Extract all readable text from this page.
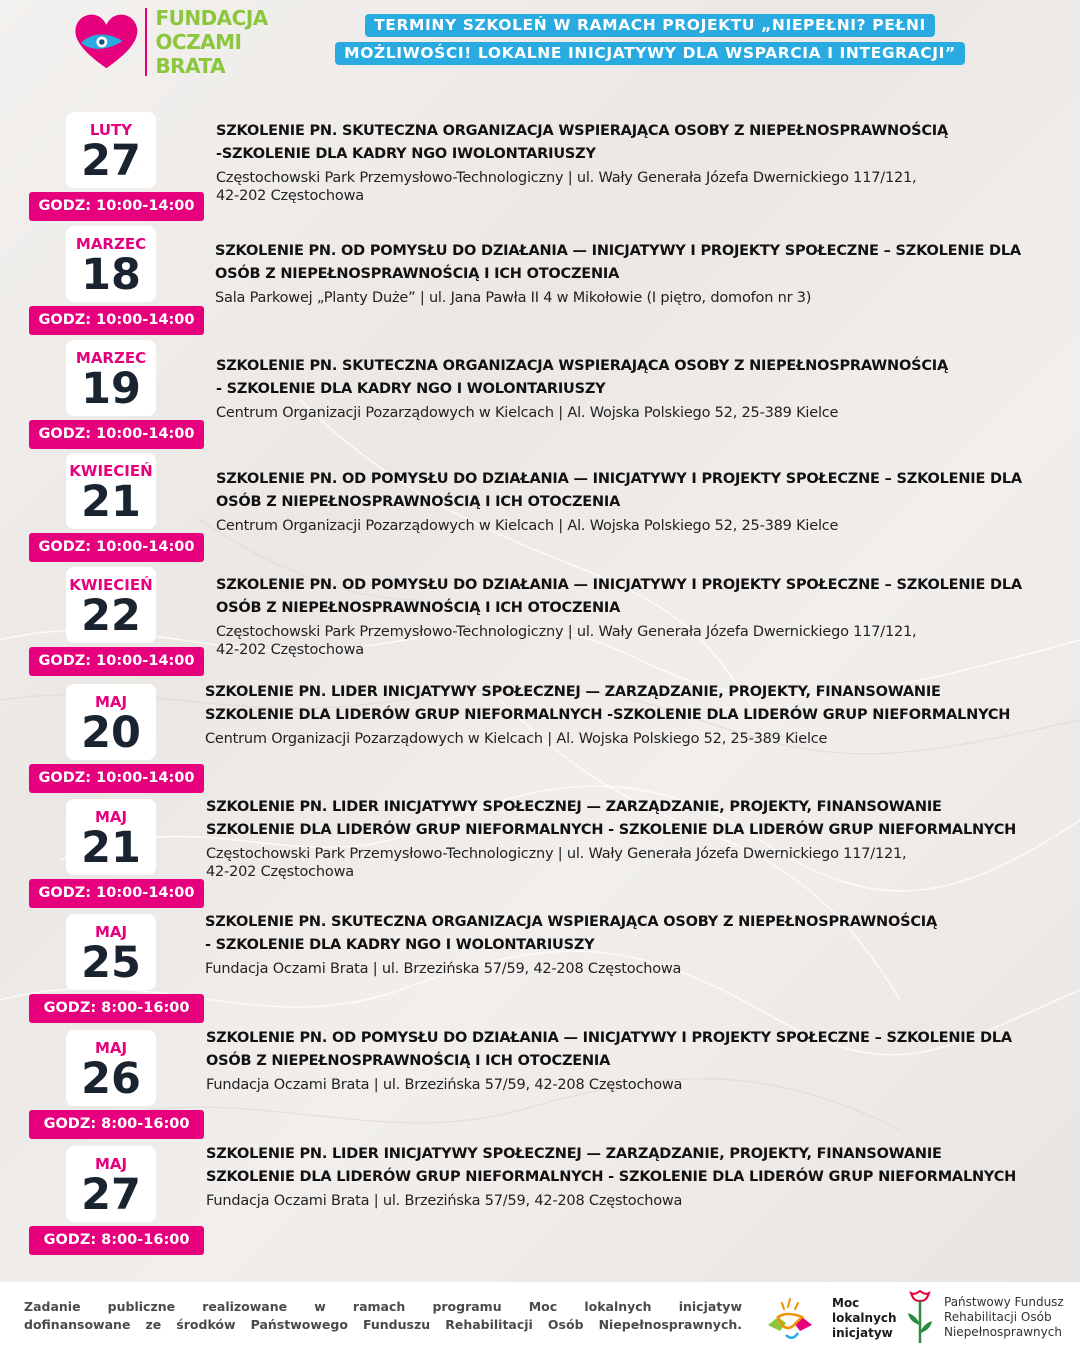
FUNDACJA
OCZAMI BRATA
TERMINY SZKOLEŃ W RAMACH PROJEKTU „NIEPEŁNI? PEŁNI
MOŻLIWOŚCI! LOKALNE INICJATYWY DLA WSPARCIA I INTEGRACJI”
LUTY
27
GODZ: 10:00-14:00
SZKOLENIE PN. SKUTECZNA ORGANIZACJA WSPIERAJĄCA OSOBY Z NIEPEŁNOSPRAWNOŚCIĄ
-SZKOLENIE DLA KADRY NGO IWOLONTARIUSZY
Częstochowski Park Przemysłowo-Technologiczny | ul. Wały Generała Józefa Dwernickiego 117/121,
42-202 Częstochowa
MARZEC
18
GODZ: 10:00-14:00
SZKOLENIE PN. OD POMYSŁU DO DZIAŁANIA — INICJATYWY I PROJEKTY SPOŁECZNE – SZKOLENIE DLA
OSÓB Z NIEPEŁNOSPRAWNOŚCIĄ I ICH OTOCZENIA
Sala Parkowej „Planty Duże” | ul. Jana Pawła II 4 w Mikołowie (I piętro, domofon nr 3)
MARZEC
19
GODZ: 10:00-14:00
SZKOLENIE PN. SKUTECZNA ORGANIZACJA WSPIERAJĄCA OSOBY Z NIEPEŁNOSPRAWNOŚCIĄ
- SZKOLENIE DLA KADRY NGO I WOLONTARIUSZY
Centrum Organizacji Pozarządowych w Kielcach | Al. Wojska Polskiego 52, 25-389 Kielce
KWIECIEŃ
21
GODZ: 10:00-14:00
SZKOLENIE PN. OD POMYSŁU DO DZIAŁANIA — INICJATYWY I PROJEKTY SPOŁECZNE – SZKOLENIE DLA
OSÓB Z NIEPEŁNOSPRAWNOŚCIĄ I ICH OTOCZENIA
Centrum Organizacji Pozarządowych w Kielcach | Al. Wojska Polskiego 52, 25-389 Kielce
KWIECIEŃ
22
GODZ: 10:00-14:00
SZKOLENIE PN. OD POMYSŁU DO DZIAŁANIA — INICJATYWY I PROJEKTY SPOŁECZNE – SZKOLENIE DLA
OSÓB Z NIEPEŁNOSPRAWNOŚCIĄ I ICH OTOCZENIA
Częstochowski Park Przemysłowo-Technologiczny | ul. Wały Generała Józefa Dwernickiego 117/121,
42-202 Częstochowa
MAJ
20
GODZ: 10:00-14:00
SZKOLENIE PN. LIDER INICJATYWY SPOŁECZNEJ — ZARZĄDZANIE, PROJEKTY, FINANSOWANIE
SZKOLENIE DLA LIDERÓW GRUP NIEFORMALNYCH -SZKOLENIE DLA LIDERÓW GRUP NIEFORMALNYCH
Centrum Organizacji Pozarządowych w Kielcach | Al. Wojska Polskiego 52, 25-389 Kielce
MAJ
21
GODZ: 10:00-14:00
SZKOLENIE PN. LIDER INICJATYWY SPOŁECZNEJ — ZARZĄDZANIE, PROJEKTY, FINANSOWANIE
SZKOLENIE DLA LIDERÓW GRUP NIEFORMALNYCH - SZKOLENIE DLA LIDERÓW GRUP NIEFORMALNYCH
Częstochowski Park Przemysłowo-Technologiczny | ul. Wały Generała Józefa Dwernickiego 117/121,
42-202 Częstochowa
MAJ
25
GODZ: 8:00-16:00
SZKOLENIE PN. SKUTECZNA ORGANIZACJA WSPIERAJĄCA OSOBY Z NIEPEŁNOSPRAWNOŚCIĄ
- SZKOLENIE DLA KADRY NGO I WOLONTARIUSZY
Fundacja Oczami Brata | ul. Brzezińska 57/59, 42-208 Częstochowa
MAJ
26
GODZ: 8:00-16:00
SZKOLENIE PN. OD POMYSŁU DO DZIAŁANIA — INICJATYWY I PROJEKTY SPOŁECZNE – SZKOLENIE DLA
OSÓB Z NIEPEŁNOSPRAWNOŚCIĄ I ICH OTOCZENIA
Fundacja Oczami Brata | ul. Brzezińska 57/59, 42-208 Częstochowa
MAJ
27
GODZ: 8:00-16:00
SZKOLENIE PN. LIDER INICJATYWY SPOŁECZNEJ — ZARZĄDZANIE, PROJEKTY, FINANSOWANIE
SZKOLENIE DLA LIDERÓW GRUP NIEFORMALNYCH - SZKOLENIE DLA LIDERÓW GRUP NIEFORMALNYCH
Fundacja Oczami Brata | ul. Brzezińska 57/59, 42-208 Częstochowa
Zadanie publiczne realizowane w ramach programu Moc lokalnych inicjatyw
dofinansowane ze środków Państwowego Funduszu Rehabilitacji Osób Niepełnosprawnych.
Moc
lokalnych
inicjatyw
Państwowy Fundusz
Rehabilitacji Osób
Niepełnosprawnych
